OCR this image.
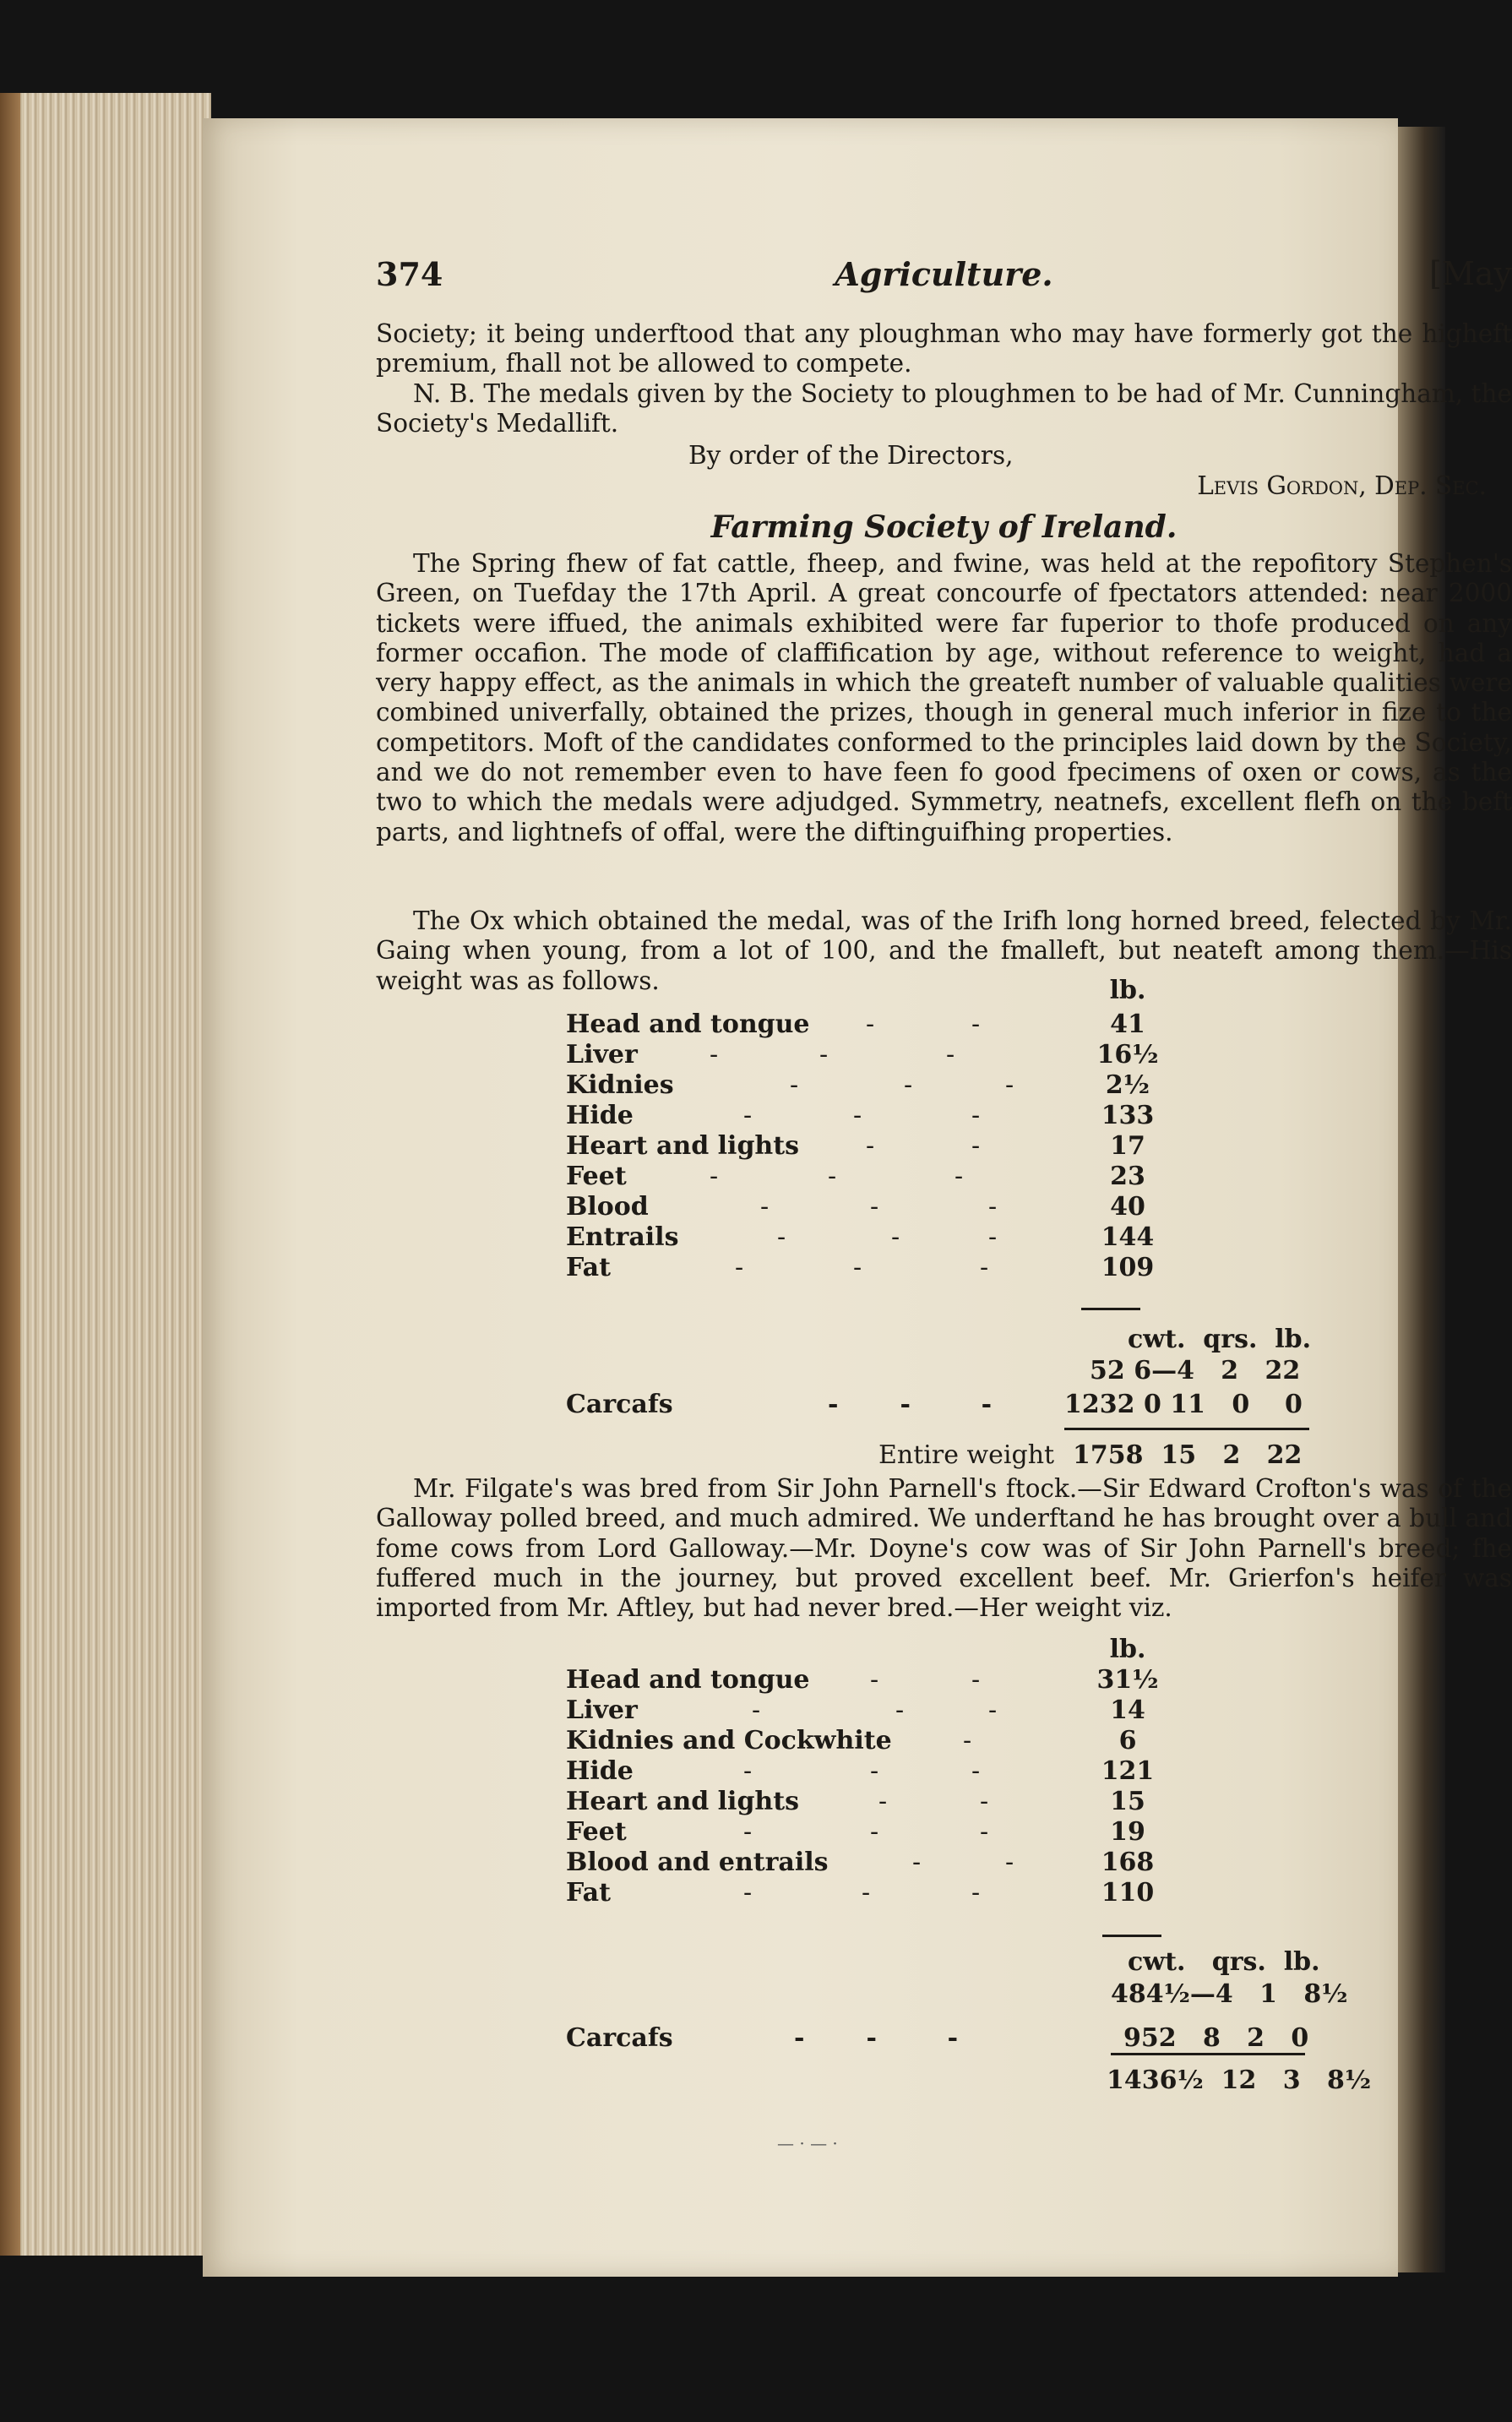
374	Agriculture.	[May

Society; it being underftood that any ploughman who may have formerly got the higheft premium, fhall not be allowed to compete.

N. B. The medals given by the Society to ploughmen to be had of Mr. Cunningham, the Society's Medallift.

By order of the Directors,

Levis Gordon, Dep. Sec.

Farming Society of Ireland.

The Spring fhew of fat cattle, fheep, and fwine, was held at the repofitory Stephen's Green, on Tuefday the 17th April. A great concourfe of fpectators attended: near 2000 tickets were iffued, the animals exhibited were far fuperior to thofe produced on any former occafion. The mode of claffification by age, without reference to weight, had a very happy effect, as the animals in which the greateft number of valuable qualities were combined univerfally, obtained the prizes, though in general much inferior in fize to the competitors. Moft of the candidates conformed to the principles laid down by the Society, and we do not remember even to have feen fo good fpecimens of oxen or cows, as the two to which the medals were adjudged. Symmetry, neatnefs, excellent flefh on the beft parts, and lightnefs of offal, were the diftinguifhing properties.

The Ox which obtained the medal, was of the Irifh long horned breed, felected by Mr. Gaing when young, from a lot of 100, and the fmalleft, but neateft among them.—His weight was as follows.	lb.
Head and tongue -	-	41
Liver	-	-	-	16½
Kidnies	-	-	-	2½
Hide	-	-	-	133
Heart and lights	-	-	17
Feet	-	-	-	23
Blood	-	-	-	40
Entrails	-	-	-	144
Fat	-	-	-	109
cwt.  qrs.  lb.
52 6—4   2   22
Carcafs	-       -        -	1232 0 11   0    0
Entire weight 1758  15   2   22

Mr. Filgate's was bred from Sir John Parnell's ftock.—Sir Edward Crofton's was of the Galloway polled breed, and much admired. We underftand he has brought over a bull and fome cows from Lord Galloway.—Mr. Doyne's cow was of Sir John Parnell's breed; fhe fuffered much in the journey, but proved excellent beef. Mr. Grierfon's heifer was imported from Mr. Aftley, but had never bred.—Her weight viz.

lb.
Head and tongue -	-	31½
Liver	-	-	-	14
Kidnies and Cockwhite	-	6
Hide	-	-	-	121
Heart and lights	-	-	15
Feet	-	-	-	19
Blood and entrails	-	-	168
Fat	-	-	-	110
cwt.   qrs.  lb.
484½—4   1   8½
Carcafs	-       -        -	952   8   2   0
1436½  12   3   8½
— · — ·
